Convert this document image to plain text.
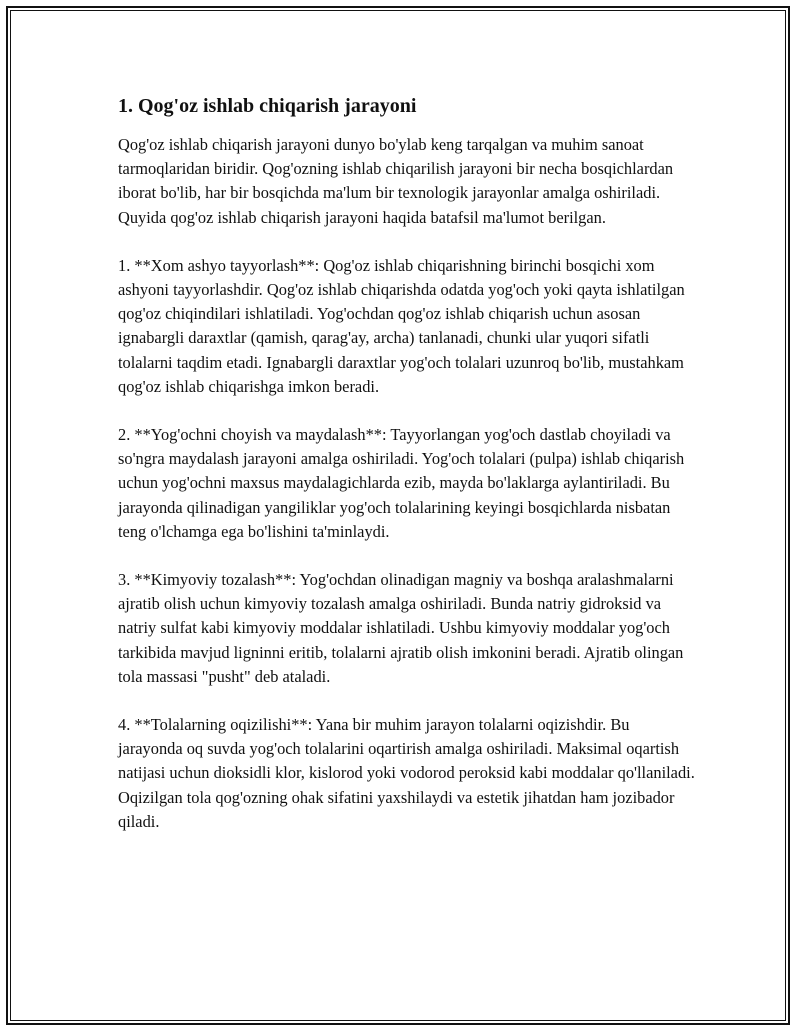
1. Qog'oz ishlab chiqarish jarayoni

Qog'oz ishlab chiqarish jarayoni dunyo bo'ylab keng tarqalgan va muhim sanoat tarmoqlaridan biridir. Qog'ozning ishlab chiqarilish jarayoni bir necha bosqichlardan iborat bo'lib, har bir bosqichda ma'lum bir texnologik jarayonlar amalga oshiriladi. Quyida qog'oz ishlab chiqarish jarayoni haqida batafsil ma'lumot berilgan.

1. **Xom ashyo tayyorlash**: Qog'oz ishlab chiqarishning birinchi bosqichi xom ashyoni tayyorlashdir. Qog'oz ishlab chiqarishda odatda yog'och yoki qayta ishlatilgan qog'oz chiqindilari ishlatiladi. Yog'ochdan qog'oz ishlab chiqarish uchun asosan ignabargli daraxtlar (qamish, qarag'ay, archa) tanlanadi, chunki ular yuqori sifatli tolalarni taqdim etadi. Ignabargli daraxtlar yog'och tolalari uzunroq bo'lib, mustahkam qog'oz ishlab chiqarishga imkon beradi.

2. **Yog'ochni choyish va maydalash**: Tayyorlangan yog'och dastlab choyiladi va so'ngra maydalash jarayoni amalga oshiriladi. Yog'och tolalari (pulpa) ishlab chiqarish uchun yog'ochni maxsus maydalagichlarda ezib, mayda bo'laklarga aylantiriladi. Bu jarayonda qilinadigan yangiliklar yog'och tolalarining keyingi bosqichlarda nisbatan teng o'lchamga ega bo'lishini ta'minlaydi.

3. **Kimyoviy tozalash**: Yog'ochdan olinadigan magniy va boshqa aralashmalarni ajratib olish uchun kimyoviy tozalash amalga oshiriladi. Bunda natriy gidroksid va natriy sulfat kabi kimyoviy moddalar ishlatiladi. Ushbu kimyoviy moddalar yog'och tarkibida mavjud ligninni eritib, tolalarni ajratib olish imkonini beradi. Ajratib olingan tola massasi "pusht" deb ataladi.

4. **Tolalarning oqizilishi**: Yana bir muhim jarayon tolalarni oqizishdir. Bu jarayonda oq suvda yog'och tolalarini oqartirish amalga oshiriladi. Maksimal oqartish natijasi uchun dioksidli klor, kislorod yoki vodorod peroksid kabi moddalar qo'llaniladi. Oqizilgan tola qog'ozning ohak sifatini yaxshilaydi va estetik jihatdan ham jozibador qiladi.
